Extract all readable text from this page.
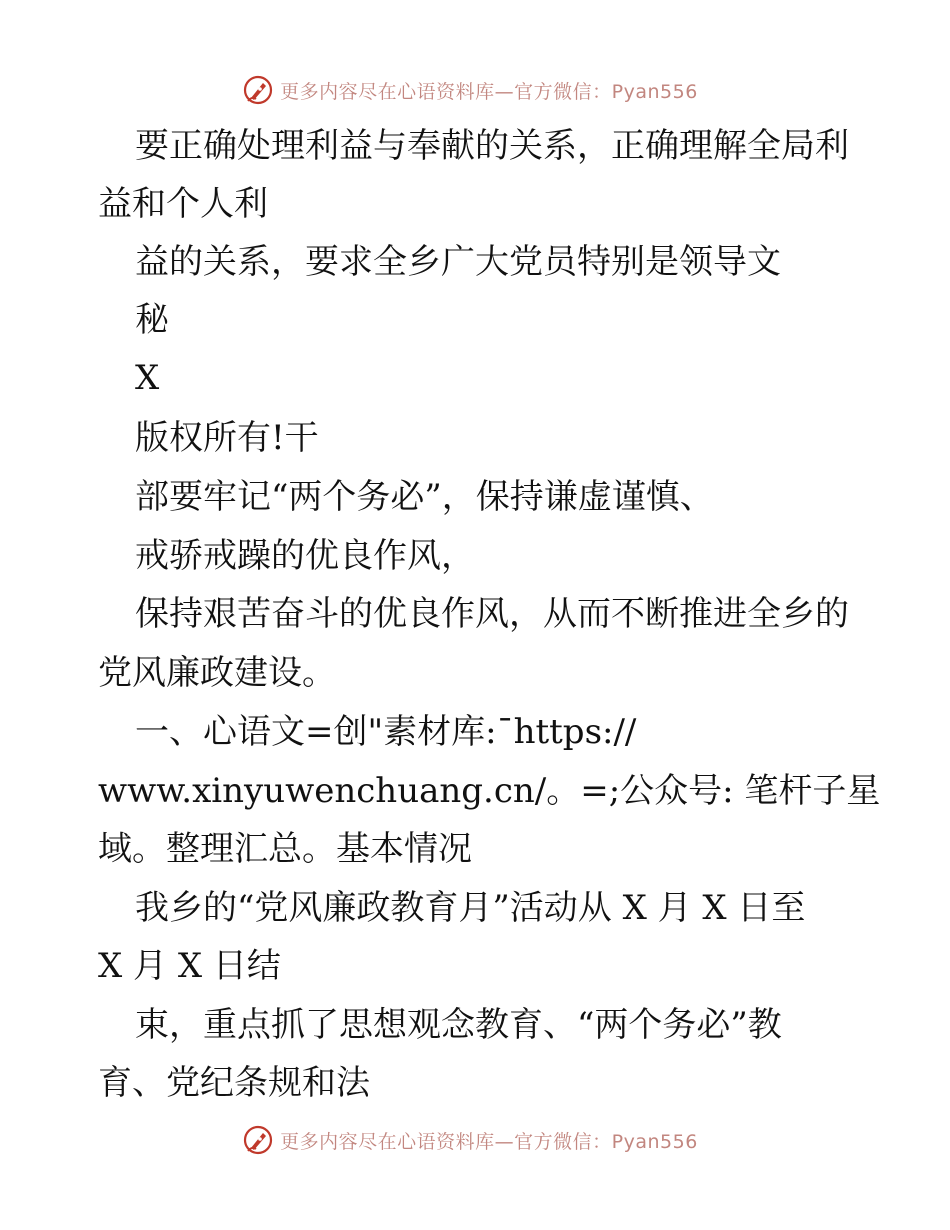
更多内容尽在心语资料库—官方微信：Pyan556
要正确处理利益与奉献的关系，正确理解全局利
益和个人利
益的关系，要求全乡广大党员特别是领导文
秘
X
版权所有!干
部要牢记“两个务必”，保持谦虚谨慎、
戒骄戒躁的优良作风，
保持艰苦奋斗的优良作风，从而不断推进全乡的
党风廉政建设。
一、心语文=创"素材库:¯https://
www.xinyuwenchuang.cn/。=;公众号: 笔杆子星
域。整理汇总。基本情况
我乡的“党风廉政教育月”活动从 X 月 X 日至
X 月 X 日结
束，重点抓了思想观念教育、“两个务必”教
育、党纪条规和法
更多内容尽在心语资料库—官方微信：Pyan556
